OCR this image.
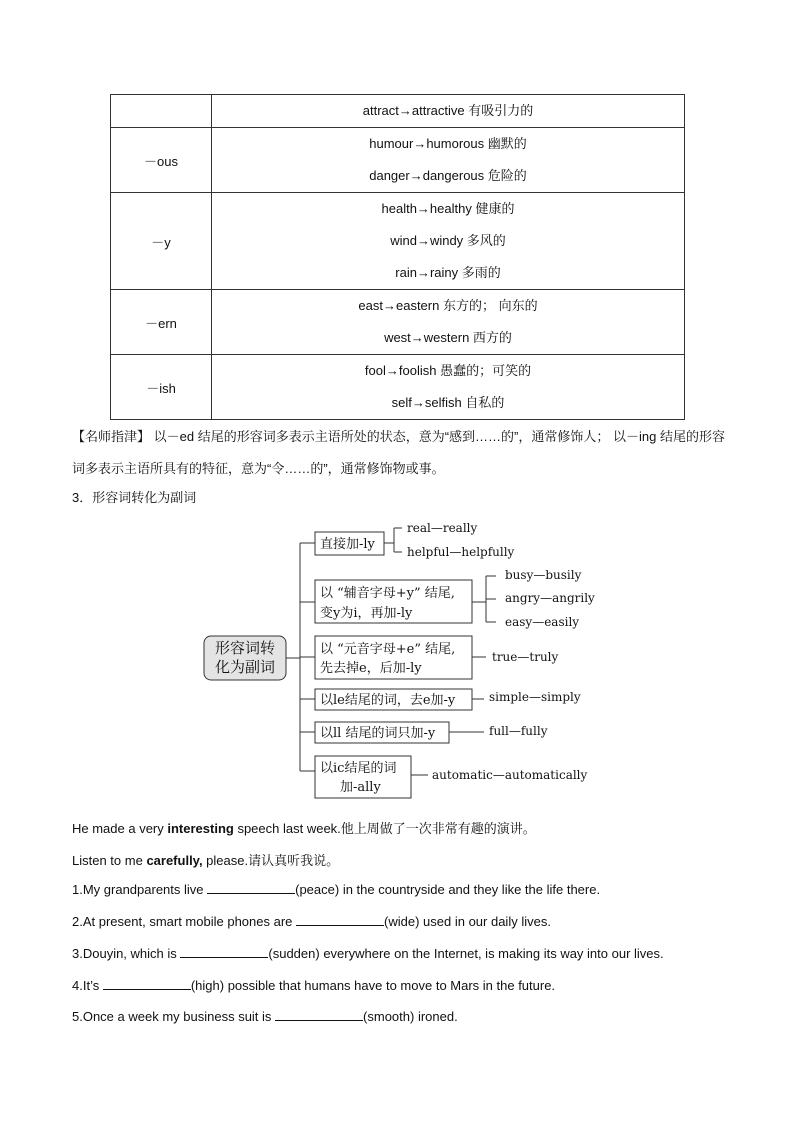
	attract→attractive 有吸引力的

－ous	humour→humorous 幽默的
danger→dangerous 危险的

－y	health→healthy 健康的
wind→windy 多风的
rain→rainy 多雨的

－ern	east→eastern 东方的； 向东的
west→western 西方的

－ish	fool→foolish 愚蠢的；可笑的
self→selfish 自私的
【名师指津】 以－ed 结尾的形容词多表示主语所处的状态，意为“感到……的”，通常修饰人； 以－ing 结尾的形容词多表示主语所具有的特征，意为“令……的”，通常修饰物或事。
3．形容词转化为副词
形容词转
化为副词
直接加-ly
以 “辅音字母+y” 结尾,
变y为i，再加-ly
以 “元音字母+e” 结尾,
先去掉e，后加-ly
以le结尾的词，去e加-y
以ll 结尾的词只加-y
以ic结尾的词
加-ally
real—really
helpful—helpfully
busy—busily
angry—angrily
easy—easily
true—truly
simple—simply
full—fully
automatic—automatically
He made a very interesting speech last week.他上周做了一次非常有趣的演讲。
Listen to me carefully, please.请认真听我说。
1.My grandparents live	(peace) in the countryside and they like the life there.
2.At present, smart mobile phones are	(wide) used in our daily lives.
3.Douyin, which is	(sudden) everywhere on the Internet, is making its way into our lives.
4.It’s	(high) possible that humans have to move to Mars in the future.
5.Once a week my business suit is	(smooth) ironed.
